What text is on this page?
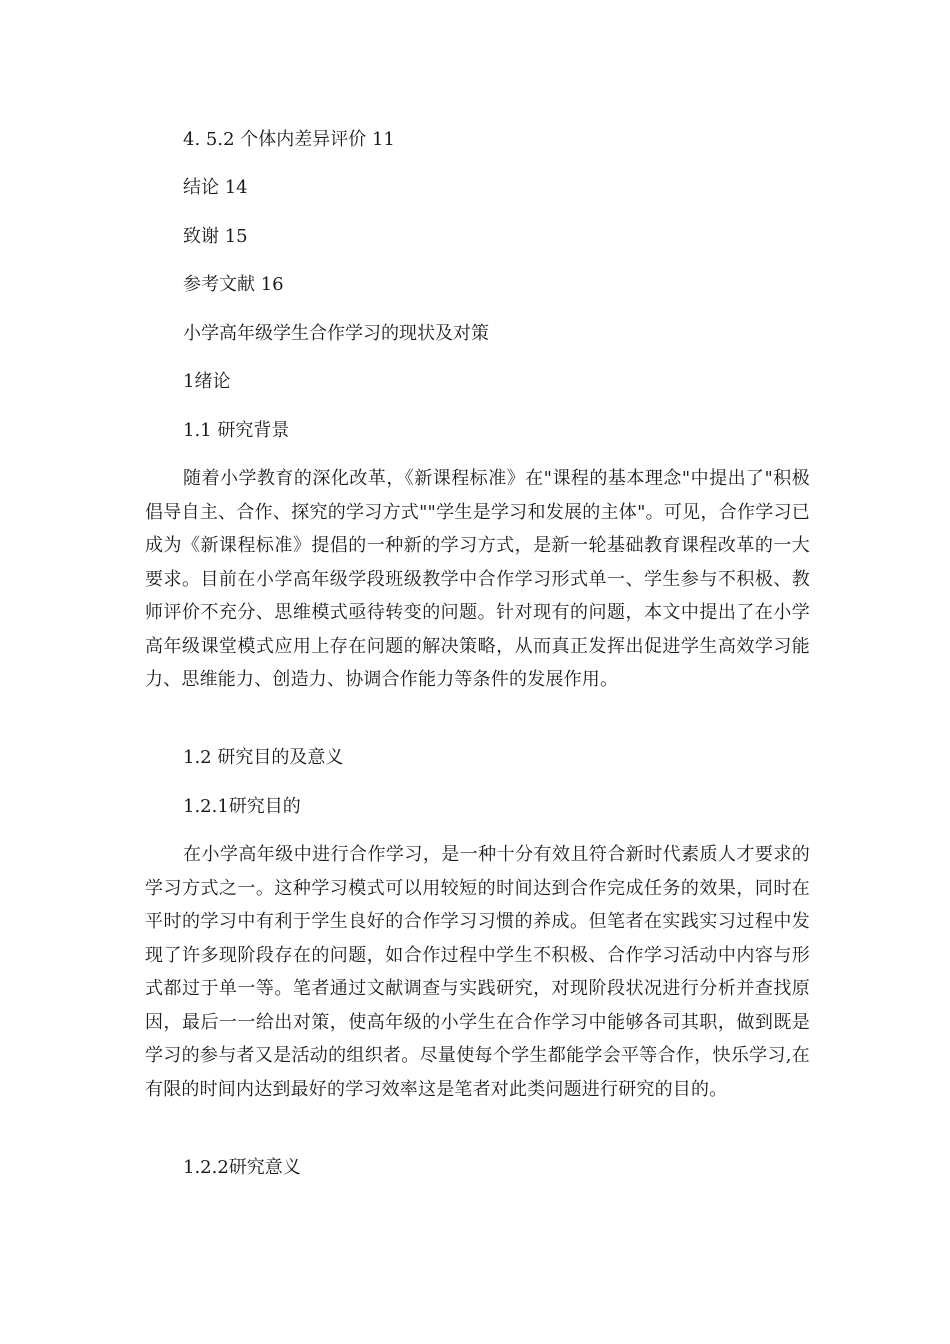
4. 5.2 个体内差异评价 11
结论 14
致谢 15
参考文献 16
小学高年级学生合作学习的现状及对策
1绪论
1.1 研究背景
随着小学教育的深化改革，《新课程标准》在"课程的基本理念"中提出了"积极倡导自主、合作、探究的学习方式""学生是学习和发展的主体"。可见，合作学习已成为《新课程标准》提倡的一种新的学习方式，是新一轮基础教育课程改革的一大要求。目前在小学高年级学段班级教学中合作学习形式单一、学生参与不积极、教师评价不充分、思维模式亟待转变的问题。针对现有的问题，本文中提出了在小学高年级课堂模式应用上存在问题的解决策略，从而真正发挥出促进学生高效学习能力、思维能力、创造力、协调合作能力等条件的发展作用。
1.2 研究目的及意义
1.2.1研究目的
在小学高年级中进行合作学习，是一种十分有效且符合新时代素质人才要求的学习方式之一。这种学习模式可以用较短的时间达到合作完成任务的效果，同时在平时的学习中有利于学生良好的合作学习习惯的养成。但笔者在实践实习过程中发现了许多现阶段存在的问题，如合作过程中学生不积极、合作学习活动中内容与形式都过于单一等。笔者通过文献调查与实践研究，对现阶段状况进行分析并查找原因，最后一一给出对策，使高年级的小学生在合作学习中能够各司其职，做到既是学习的参与者又是活动的组织者。尽量使每个学生都能学会平等合作，快乐学习,在有限的时间内达到最好的学习效率这是笔者对此类问题进行研究的目的。
1.2.2研究意义
